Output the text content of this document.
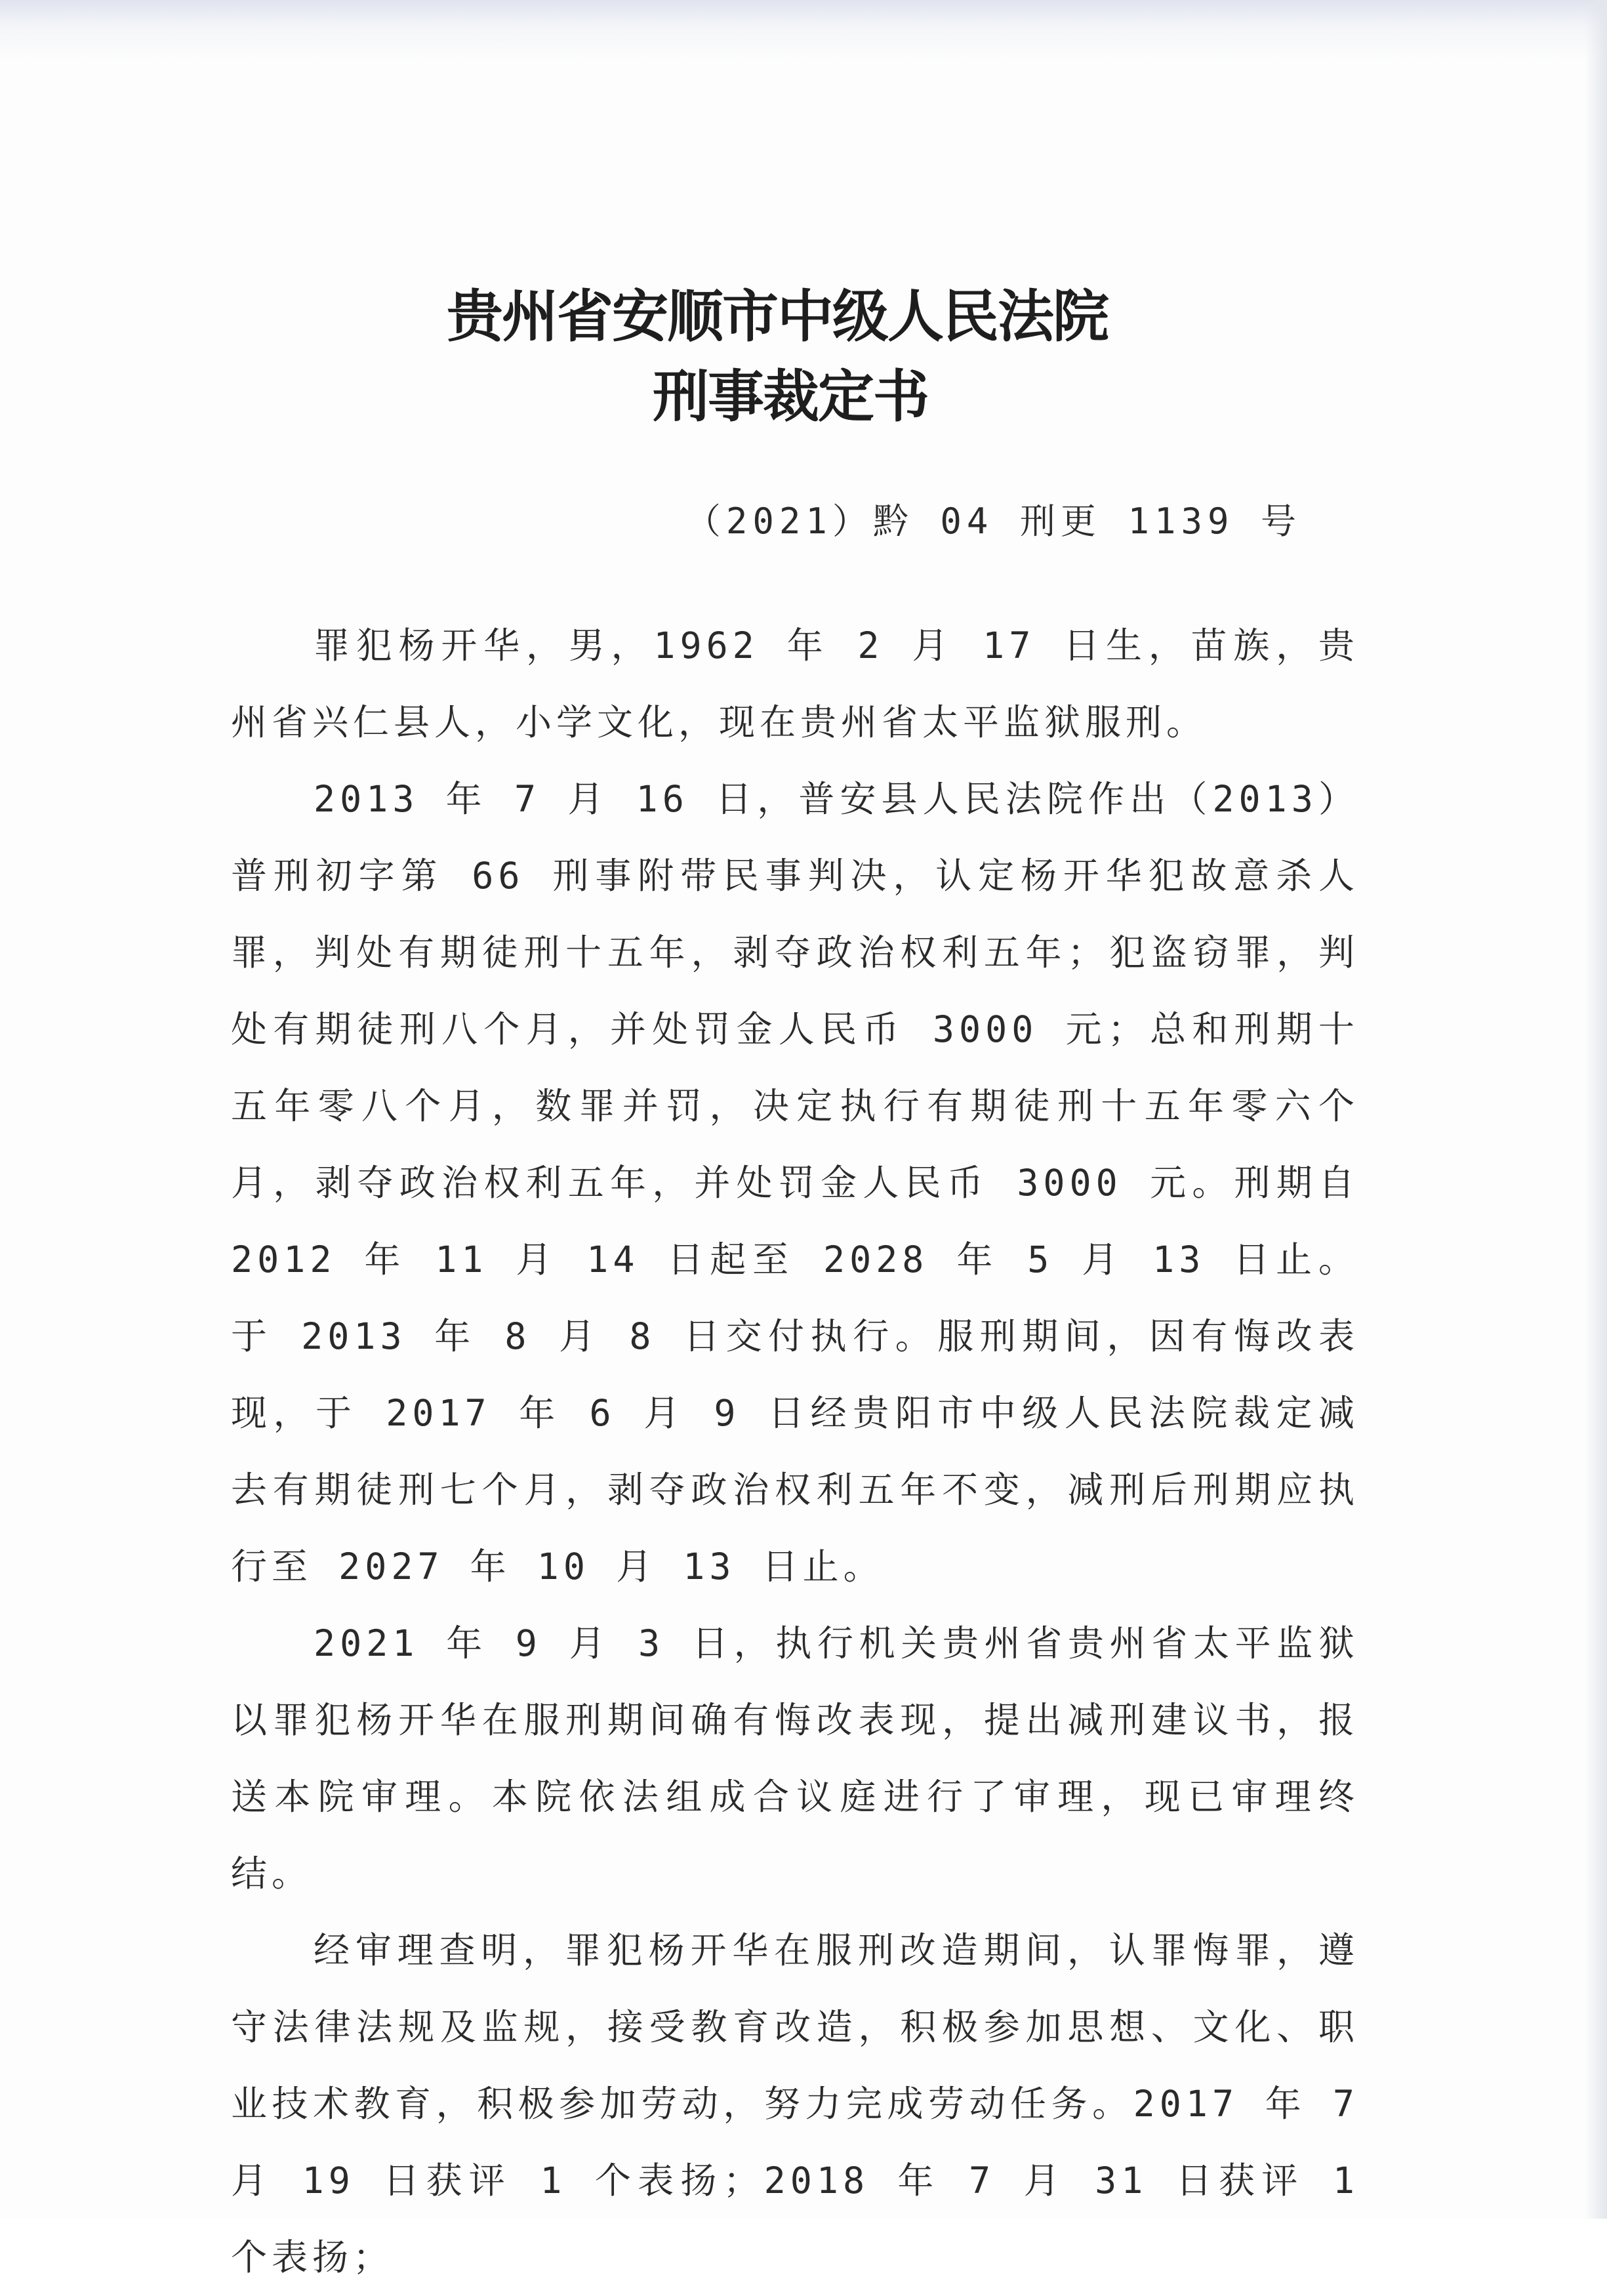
贵州省安顺市中级人民法院
刑事裁定书
（2021）黔 04 刑更 1139 号

罪犯杨开华，男，1962 年 2 月 17 日生，苗族，贵州省兴仁县人，小学文化，现在贵州省太平监狱服刑。

2013 年 7 月 16 日，普安县人民法院作出（2013）普刑初字第 66 刑事附带民事判决，认定杨开华犯故意杀人罪，判处有期徒刑十五年，剥夺政治权利五年；犯盗窃罪，判处有期徒刑八个月，并处罚金人民币 3000 元；总和刑期十五年零八个月，数罪并罚，决定执行有期徒刑十五年零六个月，剥夺政治权利五年，并处罚金人民币 3000 元。刑期自 2012 年 11 月 14 日起至 2028 年 5 月 13 日止。于 2013 年 8 月 8 日交付执行。服刑期间，因有悔改表现，于 2017 年 6 月 9 日经贵阳市中级人民法院裁定减去有期徒刑七个月，剥夺政治权利五年不变，减刑后刑期应执行至 2027 年 10 月 13 日止。

2021 年 9 月 3 日，执行机关贵州省贵州省太平监狱以罪犯杨开华在服刑期间确有悔改表现，提出减刑建议书，报送本院审理。本院依法组成合议庭进行了审理，现已审理终结。

经审理查明，罪犯杨开华在服刑改造期间，认罪悔罪，遵守法律法规及监规，接受教育改造，积极参加思想、文化、职业技术教育，积极参加劳动，努力完成劳动任务。2017 年 7 月 19 日获评 1 个表扬；2018 年 7 月 31 日获评 1 个表扬；
